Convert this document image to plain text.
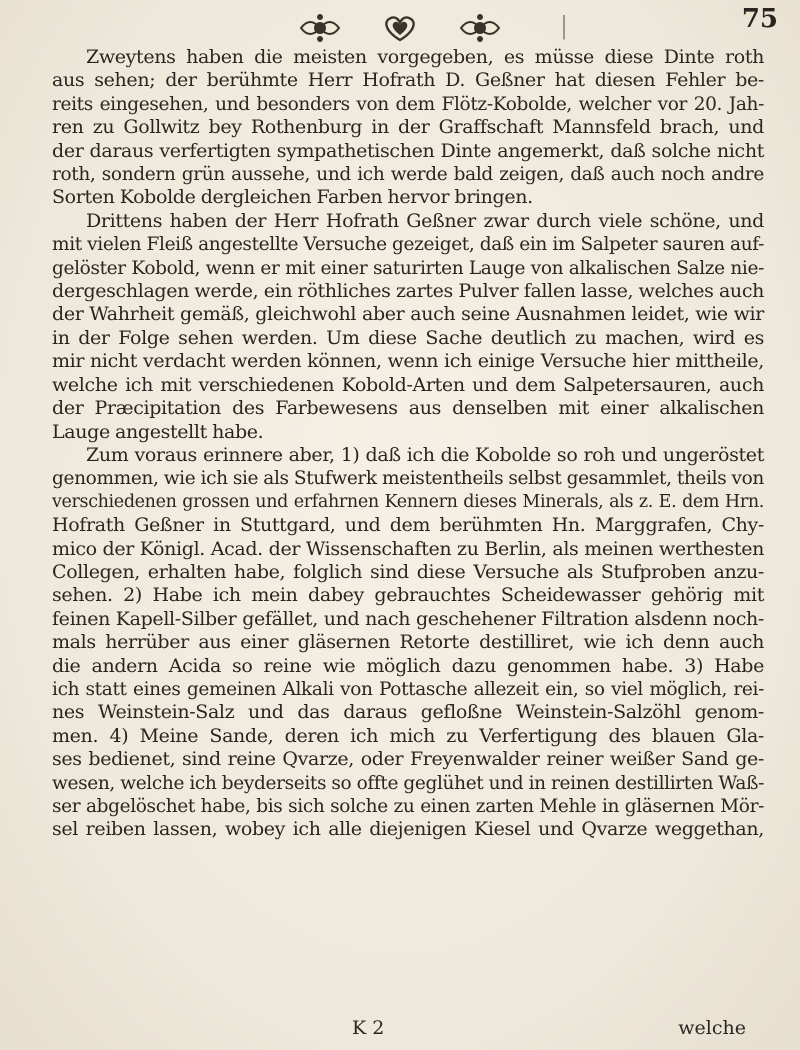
|	75

Zweytens haben die meisten vorgegeben, es müsse diese Dinte roth
aus sehen; der berühmte Herr Hofrath D. Geßner hat diesen Fehler be-
reits eingesehen, und besonders von dem Flötz-Kobolde, welcher vor 20. Jah-
ren zu Gollwitz bey Rothenburg in der Graffschaft Mannsfeld brach, und
der daraus verfertigten sympathetischen Dinte angemerkt, daß solche nicht
roth, sondern grün aussehe, und ich werde bald zeigen, daß auch noch andre
Sorten Kobolde dergleichen Farben hervor bringen.
Drittens haben der Herr Hofrath Geßner zwar durch viele schöne, und
mit vielen Fleiß angestellte Versuche gezeiget, daß ein im Salpeter sauren auf-
gelöster Kobold, wenn er mit einer saturirten Lauge von alkalischen Salze nie-
dergeschlagen werde, ein röthliches zartes Pulver fallen lasse, welches auch
der Wahrheit gemäß, gleichwohl aber auch seine Ausnahmen leidet, wie wir
in der Folge sehen werden. Um diese Sache deutlich zu machen, wird es
mir nicht verdacht werden können, wenn ich einige Versuche hier mittheile,
welche ich mit verschiedenen Kobold-Arten und dem Salpetersauren, auch
der Præcipitation des Farbewesens aus denselben mit einer alkalischen
Lauge angestellt habe.
Zum voraus erinnere aber, 1) daß ich die Kobolde so roh und ungeröstet
genommen, wie ich sie als Stufwerk meistentheils selbst gesammlet, theils von
verschiedenen grossen und erfahrnen Kennern dieses Minerals, als z. E. dem Hrn.
Hofrath Geßner in Stuttgard, und dem berühmten Hn. Marggrafen, Chy-
mico der Königl. Acad. der Wissenschaften zu Berlin, als meinen werthesten
Collegen, erhalten habe, folglich sind diese Versuche als Stufproben anzu-
sehen. 2) Habe ich mein dabey gebrauchtes Scheidewasser gehörig mit
feinen Kapell-Silber gefället, und nach geschehener Filtration alsdenn noch-
mals herrüber aus einer gläsernen Retorte destilliret, wie ich denn auch
die andern Acida so reine wie möglich dazu genommen habe. 3) Habe
ich statt eines gemeinen Alkali von Pottasche allezeit ein, so viel möglich, rei-
nes Weinstein-Salz und das daraus gefloßne Weinstein-Salzöhl genom-
men. 4) Meine Sande, deren ich mich zu Verfertigung des blauen Gla-
ses bedienet, sind reine Qvarze, oder Freyenwalder reiner weißer Sand ge-
wesen, welche ich beyderseits so offte geglühet und in reinen destillirten Waß-
ser abgelöschet habe, bis sich solche zu einen zarten Mehle in gläsernen Mör-
sel reiben lassen, wobey ich alle diejenigen Kiesel und Qvarze weggethan,

K 2	welche
